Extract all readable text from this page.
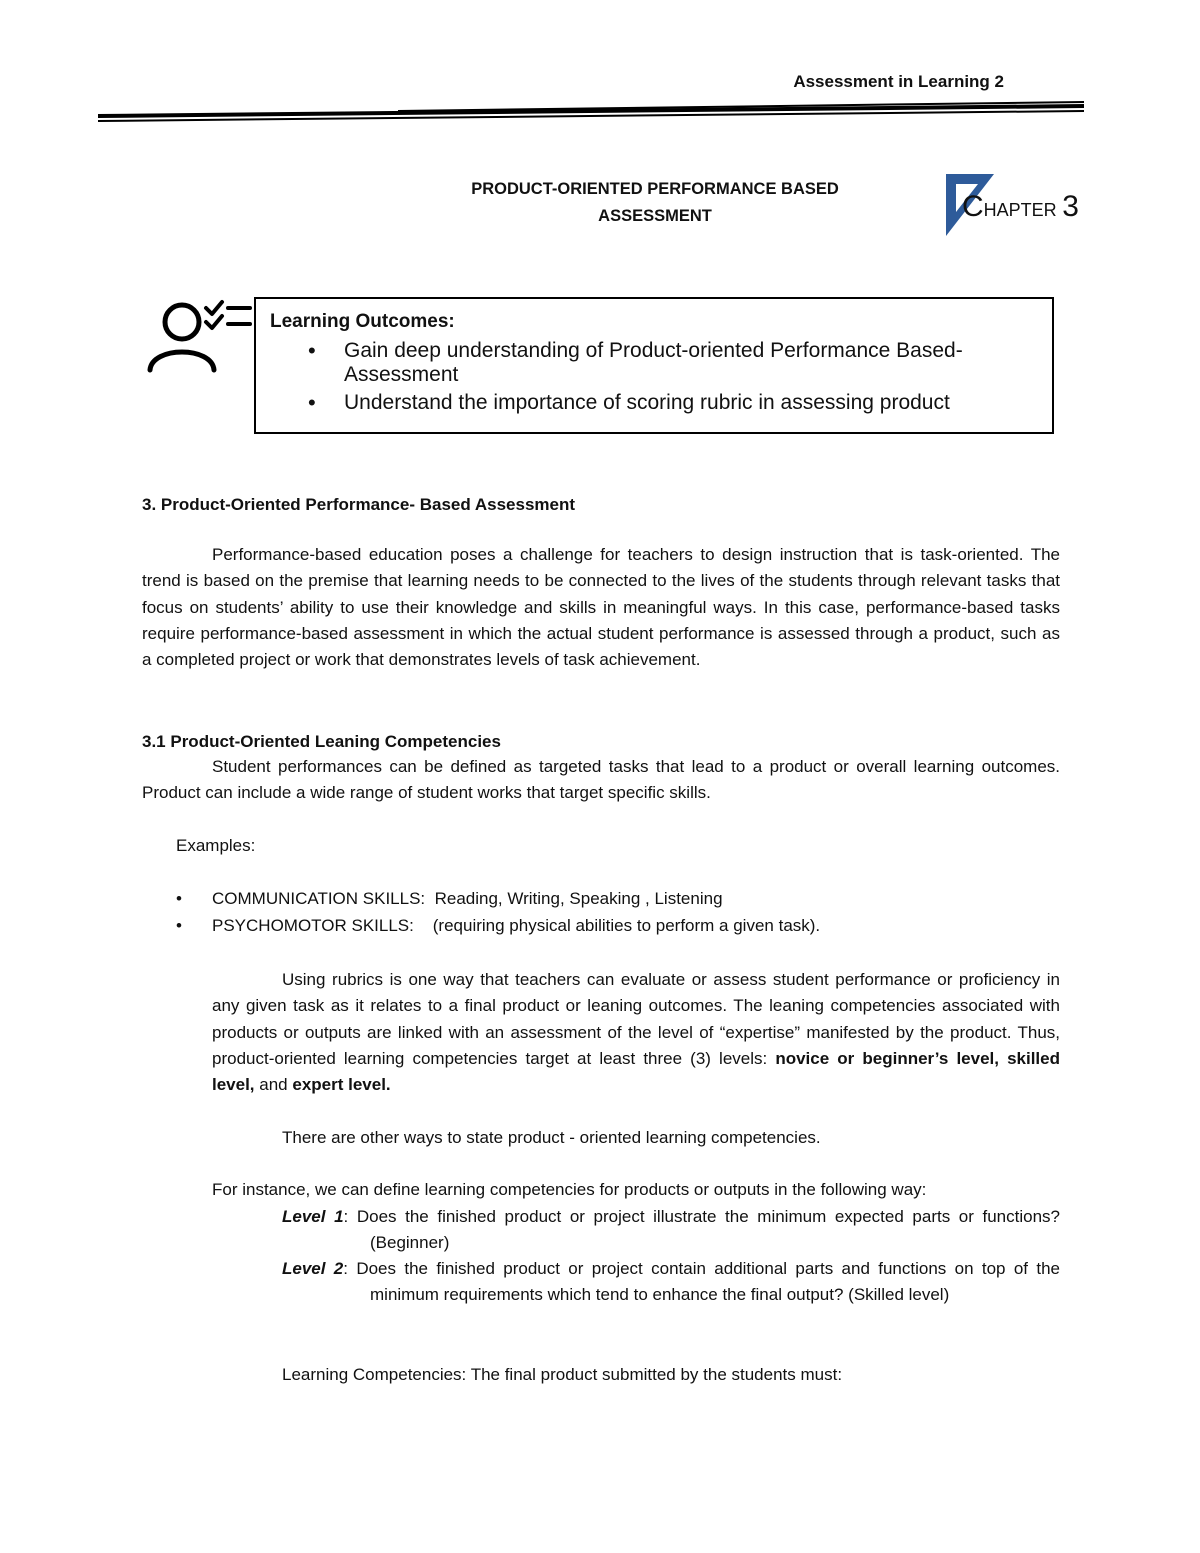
Assessment in Learning 2
PRODUCT-ORIENTED PERFORMANCE BASED
ASSESSMENT	CHAPTER 3
Learning Outcomes:
• Gain deep understanding of Product-oriented Performance Based-Assessment
• Understand the importance of scoring rubric in assessing product
3. Product-Oriented Performance- Based Assessment
Performance-based education poses a challenge for teachers to design instruction that is task-oriented. The trend is based on the premise that learning needs to be connected to the lives of the students through relevant tasks that focus on students’ ability to use their knowledge and skills in meaningful ways. In this case, performance-based tasks require performance-based assessment in which the actual student performance is assessed through a product, such as a completed project or work that demonstrates levels of task achievement.
3.1 Product-Oriented Leaning Competencies
Student performances can be defined as targeted tasks that lead to a product or overall learning outcomes. Product can include a wide range of student works that target specific skills.
Examples:
• COMMUNICATION SKILLS: Reading, Writing, Speaking , Listening
• PSYCHOMOTOR SKILLS: (requiring physical abilities to perform a given task).
Using rubrics is one way that teachers can evaluate or assess student performance or proficiency in any given task as it relates to a final product or leaning outcomes. The leaning competencies associated with products or outputs are linked with an assessment of the level of “expertise” manifested by the product. Thus, product-oriented learning competencies target at least three (3) levels: novice or beginner’s level, skilled level, and expert level.
There are other ways to state product - oriented learning competencies.
For instance, we can define learning competencies for products or outputs in the following way:
Level 1: Does the finished product or project illustrate the minimum expected parts or functions? (Beginner)
Level 2: Does the finished product or project contain additional parts and functions on top of the minimum requirements which tend to enhance the final output? (Skilled level)
Learning Competencies: The final product submitted by the students must:
